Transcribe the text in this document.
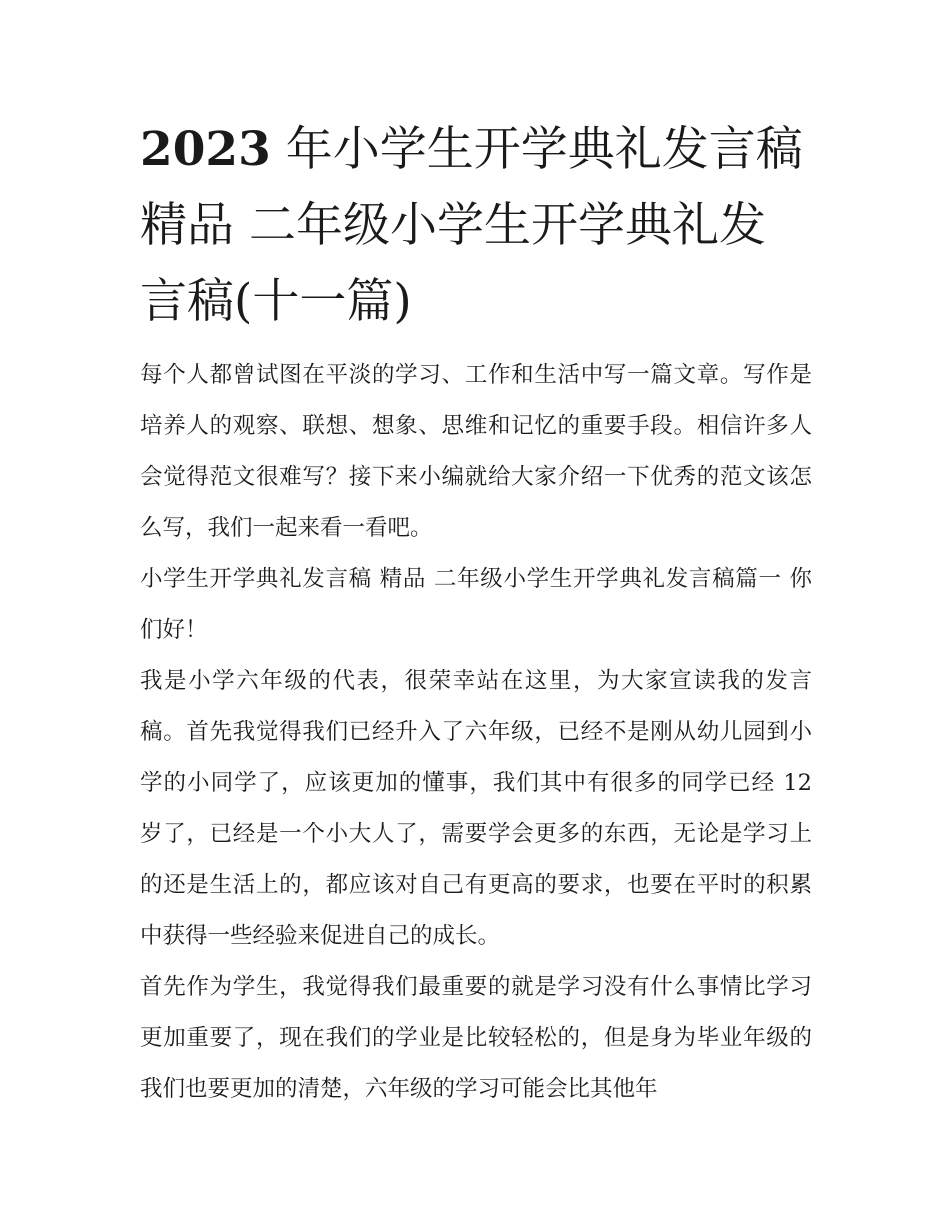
2023 年小学生开学典礼发言稿精品 二年级小学生开学典礼发言稿(十一篇)

每个人都曾试图在平淡的学习、工作和生活中写一篇文章。写作是培养人的观察、联想、想象、思维和记忆的重要手段。相信许多人会觉得范文很难写？接下来小编就给大家介绍一下优秀的范文该怎么写，我们一起来看一看吧。

小学生开学典礼发言稿 精品 二年级小学生开学典礼发言稿篇一 你们好！

我是小学六年级的代表，很荣幸站在这里，为大家宣读我的发言稿。首先我觉得我们已经升入了六年级，已经不是刚从幼儿园到小学的小同学了，应该更加的懂事，我们其中有很多的同学已经 12 岁了，已经是一个小大人了，需要学会更多的东西，无论是学习上的还是生活上的，都应该对自己有更高的要求，也要在平时的积累中获得一些经验来促进自己的成长。

首先作为学生，我觉得我们最重要的就是学习没有什么事情比学习更加重要了，现在我们的学业是比较轻松的，但是身为毕业年级的我们也要更加的清楚，六年级的学习可能会比其他年
